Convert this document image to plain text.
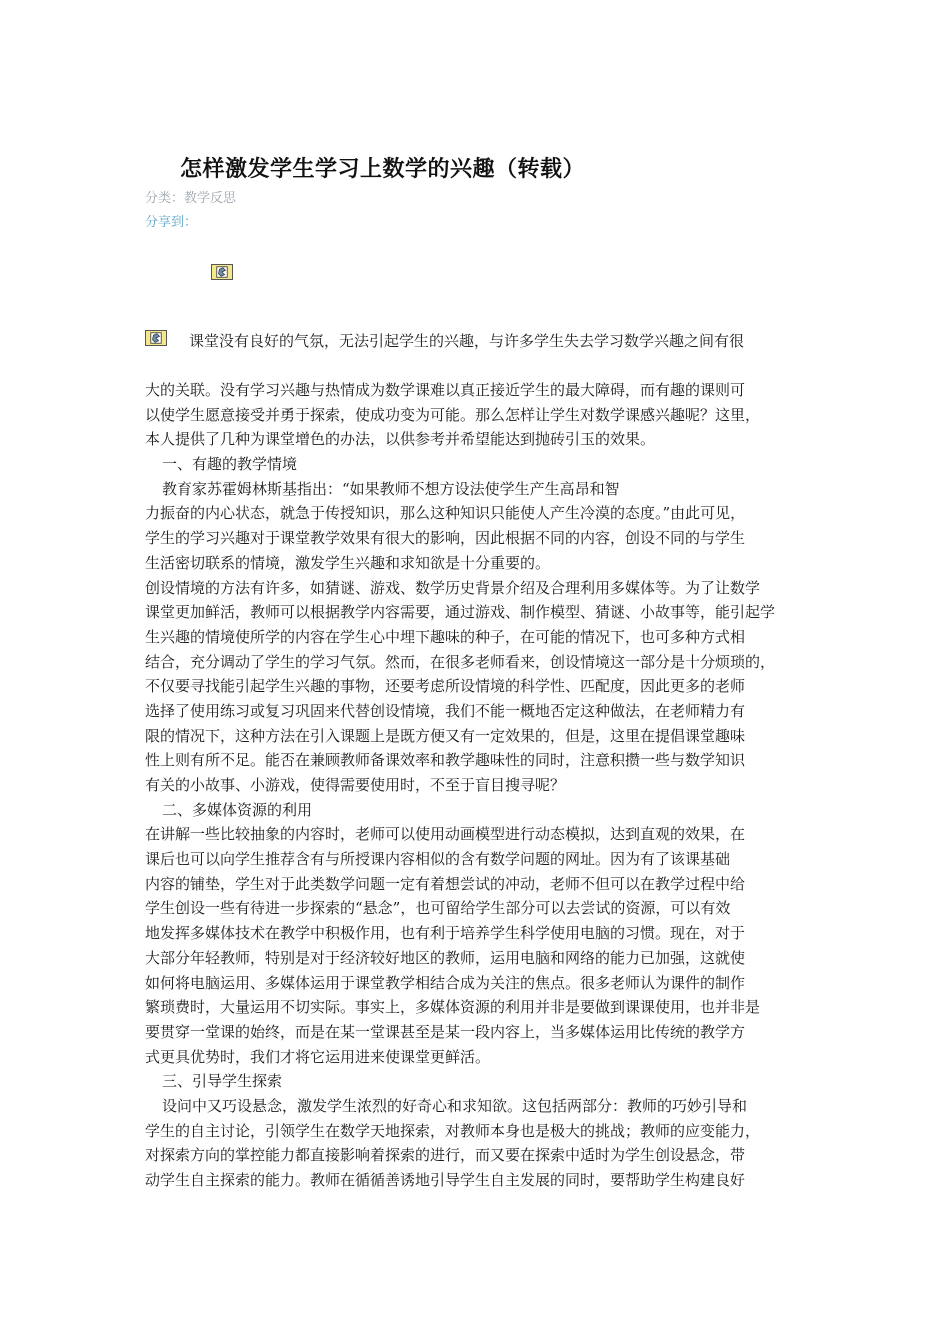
怎样激发学生学习上数学的兴趣（转载）
分类：教学反思
分享到：
课堂没有良好的气氛，无法引起学生的兴趣，与许多学生失去学习数学兴趣之间有很

大的关联。没有学习兴趣与热情成为数学课难以真正接近学生的最大障碍，而有趣的课则可

以使学生愿意接受并勇于探索，使成功变为可能。那么怎样让学生对数学课感兴趣呢？这里，

本人提供了几种为课堂增色的办法，以供参考并希望能达到抛砖引玉的效果。

一、有趣的教学情境

教育家苏霍姆林斯基指出：“如果教师不想方设法使学生产生高昂和智

力振奋的内心状态，就急于传授知识，那么这种知识只能使人产生冷漠的态度。”由此可见，

学生的学习兴趣对于课堂教学效果有很大的影响，因此根据不同的内容，创设不同的与学生

生活密切联系的情境，激发学生兴趣和求知欲是十分重要的。

创设情境的方法有许多，如猜谜、游戏、数学历史背景介绍及合理利用多媒体等。为了让数学

课堂更加鲜活，教师可以根据教学内容需要，通过游戏、制作模型、猜谜、小故事等，能引起学

生兴趣的情境使所学的内容在学生心中埋下趣味的种子，在可能的情况下，也可多种方式相

结合，充分调动了学生的学习气氛。然而，在很多老师看来，创设情境这一部分是十分烦琐的，

不仅要寻找能引起学生兴趣的事物，还要考虑所设情境的科学性、匹配度，因此更多的老师

选择了使用练习或复习巩固来代替创设情境，我们不能一概地否定这种做法，在老师精力有

限的情况下，这种方法在引入课题上是既方便又有一定效果的，但是，这里在提倡课堂趣味

性上则有所不足。能否在兼顾教师备课效率和教学趣味性的同时，注意积攒一些与数学知识

有关的小故事、小游戏，使得需要使用时，不至于盲目搜寻呢？

二、多媒体资源的利用

在讲解一些比较抽象的内容时，老师可以使用动画模型进行动态模拟，达到直观的效果，在

课后也可以向学生推荐含有与所授课内容相似的含有数学问题的网址。因为有了该课基础

内容的铺垫，学生对于此类数学问题一定有着想尝试的冲动，老师不但可以在教学过程中给

学生创设一些有待进一步探索的“悬念”，也可留给学生部分可以去尝试的资源，可以有效

地发挥多媒体技术在教学中积极作用，也有利于培养学生科学使用电脑的习惯。现在，对于

大部分年轻教师，特别是对于经济较好地区的教师，运用电脑和网络的能力已加强，这就使

如何将电脑运用、多媒体运用于课堂教学相结合成为关注的焦点。很多老师认为课件的制作

繁琐费时，大量运用不切实际。事实上，多媒体资源的利用并非是要做到课课使用，也并非是

要贯穿一堂课的始终，而是在某一堂课甚至是某一段内容上，当多媒体运用比传统的教学方

式更具优势时，我们才将它运用进来使课堂更鲜活。

三、引导学生探索

设问中又巧设悬念，激发学生浓烈的好奇心和求知欲。这包括两部分：教师的巧妙引导和

学生的自主讨论，引领学生在数学天地探索，对教师本身也是极大的挑战；教师的应变能力，

对探索方向的掌控能力都直接影响着探索的进行，而又要在探索中适时为学生创设悬念，带

动学生自主探索的能力。教师在循循善诱地引导学生自主发展的同时，要帮助学生构建良好
